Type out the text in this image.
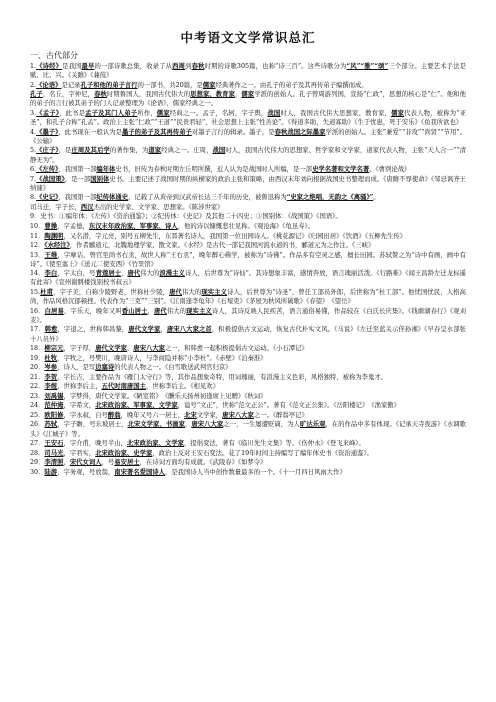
中考语文文学常识总汇
一、古代部分
1.《诗经》是我国最早的一部诗歌总集，收录了从西周到春秋时期的诗歌305篇，也称“诗三百”。这些诗歌分为“风”“雅”“颂”三个部分。主要艺术手法是赋、比、兴。《关雎》《蒹葭》
2.《论语》是记录孔子和他的弟子言行的一部书，共20篇，是儒家经典著作之一。由孔子的弟子及其再传弟子编撰而成。
孔子，名丘，字仲尼，春秋时期鲁国人，我国古代伟大的思想家、教育家，儒家学派的创始人。孔子曾周游列国，宣扬“仁政”，思想的核心是“仁”。他和他的弟子的言行被其弟子的门人记录整理为《论语》，儒家经典之一。
3.《孟子》，此书是孟子及其门人弟子所作，儒家经典之一。孟子，名轲，字子舆，战国时人，我国古代伟大思想家、教育家，儒家代表人物，被称为“亚圣”，和孔子合称“孔孟”。政治上主张“仁政”“王道”“民贵君轻”，社会思想上主张“性善论”。《得道多助，失道寡助》《生于忧患，死于安乐》《鱼我所欲也》
4.《墨子》，此书现在一般认为是墨子的弟子及其再传弟子对墨子言行的辑录。墨子，是春秋战国之际墨家学派的创始人。主张“兼爱”“非攻”“尚贤”“节用”。《公输》
5.《庄子》，是庄周及其后学的著作集，为道家经典之一。庄周，战国时人，我国古代伟大的思想家、哲学家和文学家，道家代表人物，主张“天人合一”“清静无为”。
6.《左传》，我国第一部编年体史书，旧传为春秋时期左丘明所撰，近人认为是战国时人所编，是一部史学名著和文学名著。《曹刿论战》
7.《战国策》，是一部国别体史书。主要记述了战国时期的纵横家的政治主张和策略，由西汉末年刘向根据战国史书整理而成。《唐雎不辱使命》《邹忌讽齐王纳谏》
8.《史记》，我国第一部纪传体通史，记载了从黄帝到汉武帝长达三千年的历史，被鲁迅称为“史家之绝唱，无韵之《离骚》”。
司马迁，字子长，西汉杰出的史学家、文学家、思想家。《陈涉世家》
9．史书：①编年体：《左传》《资治通鉴》；②纪传体：《史记》及其他二十四史；③国别体：《战国策》《国语》。
10．曹操，字孟德，东汉末年政治家、军事家、诗人，他的诗以慷慨悲壮见称。《观沧海》《龟虽寿》。
11．陶渊明，又名潜，字元亮，别号五柳先生，东晋著名诗人，我国第一位田园诗人。《桃花源记》《归园田居》《饮酒》《五柳先生传》
12．《水经注》，作者郦道元，北魏地理学家、散文家。《水经》是古代一部记我国河流水道的书，郦道元为之作注。《三峡》
13．王维，字摩诘，曾官至尚书右丞，故世人称“王右丞”，晚年醉心佛学，被称为“诗佛”。作品多有空灵之感，擅长田园。苏轼赞之为“诗中有画，画中有诗”。《使至塞上》《送元二使安西》《竹里馆》
14．李白，字太白，号青莲居士，唐代伟大的浪漫主义诗人，后世尊为“诗仙”。其诗想象丰富，感情奔放，语言瑰丽活泼。《行路难》《闻王昌龄左迁龙标遥有此寄》《宣州谢朓楼饯别校书叔云》
15.杜甫，字子美，自称少陵野老，世称杜少陵，唐代伟大的现实主义诗人，后世尊为“诗圣”，曾任工部员外郎，后世称为“杜工部”。他忧国忧民，人格高尚，作品风格沉郁顿挫。代表作为“三吏”“三别”。《江南逢李龟年》《石壕吏》《茅屋为秋风所破歌》《春望》　《望岳》
16．白居易，字乐天，晚年又叫香山居士，唐代伟大的现实主义诗人，其诗反映人民疾苦，语言通俗易懂，作品较在《白氏长庆集》。《钱塘湖春行》《观刈麦》。
17．韩愈，字退之，世称韩昌黎，唐代文学家，唐宋八大家之首，积极提倡古文运动，恢复古代朴实文风。《马说》《左迁至蓝关示侄孙湘》《早春呈水部张十八员外》
18．柳宗元，字子厚，唐代文学家，唐宋八大家之一，和韩愈一起积极提倡古文运动。《小石潭记》
19．杜牧，字牧之，号樊川，晚唐诗人，与李商隐并称“小李杜”。《赤壁》《泊秦淮》
20．岑参，诗人，是写边塞诗的代表人物之一。《白雪歌送武判官归京》
21．李贺，字长吉，主要作品为《雁门太守行》等，其作品想象奇特，用词瑰丽，有浪漫主义色彩，风格独特，被称为李鬼才。
22．李煜，世称李后主，五代时南唐国主，世称李后主。《相见欢》
23．刘禹锡，字梦得，唐代文学家。《陋室铭》　《酬乐天扬州初逢席上见赠》《秋词》
24．范仲淹，字希文，北宋政治家、军事家、文学家，谥号“文正”，世称“范文正公”。著有《范文正公集》。《岳阳楼记》　《渔家傲》
25．欧阳修，字永叔，自号醉翁，晚年又号六一居士，北宋文学家，唐宋八大家之一。《醉翁亭记》
26．苏轼，字子瞻，号东坡居士，北宋文学家、书画家，唐宋八大家之一，一生屡遭贬谪，为人旷达乐观，在的作品中多有体现。《记承天寺夜游》《水调歌头》《江城子》等。
27．王安石，字介甫，晚号半山，北宋政治家、文学家，提倡变法，著有《临川先生文集》等。《伤仲永》《登飞来峰》。
28．司马光，字君实，北宋政治家、史学家，政治上反对王安石变法。花了19年时间主持编写了编年体史书《资治通鉴》。
29．李清照，宋代女词人，号易安居士，在诗词方面均有成就。《武陵春》《如梦令》
30．陆游，字务观，号放翁，南宋著名爱国诗人，是我国诗人当中创作数量最多的一个。《十一月四日风雨大作》
